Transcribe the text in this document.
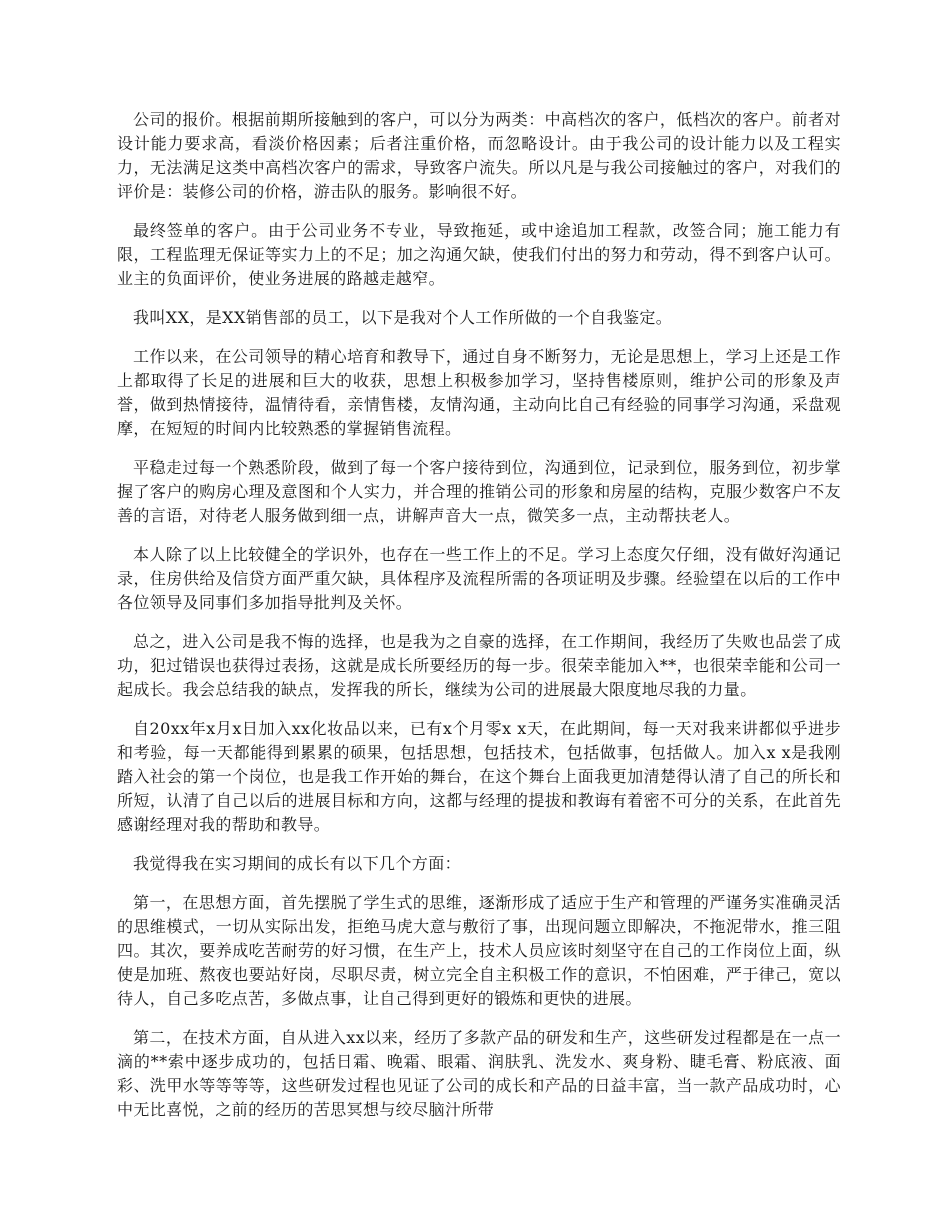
公司的报价。根据前期所接触到的客户，可以分为两类：中高档次的客户，低档次的客户。前者对设计能力要求高，看淡价格因素；后者注重价格，而忽略设计。由于我公司的设计能力以及工程实力，无法满足这类中高档次客户的需求，导致客户流失。所以凡是与我公司接触过的客户，对我们的评价是：装修公司的价格，游击队的服务。影响很不好。

最终签单的客户。由于公司业务不专业，导致拖延，或中途追加工程款，改签合同；施工能力有限，工程监理无保证等实力上的不足；加之沟通欠缺，使我们付出的努力和劳动，得不到客户认可。业主的负面评价，使业务进展的路越走越窄。

我叫XX，是XX销售部的员工，以下是我对个人工作所做的一个自我鉴定。

工作以来，在公司领导的精心培育和教导下，通过自身不断努力，无论是思想上，学习上还是工作上都取得了长足的进展和巨大的收获，思想上积极参加学习，坚持售楼原则，维护公司的形象及声誉，做到热情接待，温情待看，亲情售楼，友情沟通，主动向比自己有经验的同事学习沟通，采盘观摩，在短短的时间内比较熟悉的掌握销售流程。

平稳走过每一个熟悉阶段，做到了每一个客户接待到位，沟通到位，记录到位，服务到位，初步掌握了客户的购房心理及意图和个人实力，并合理的推销公司的形象和房屋的结构，克服少数客户不友善的言语，对待老人服务做到细一点，讲解声音大一点，微笑多一点，主动帮扶老人。

本人除了以上比较健全的学识外，也存在一些工作上的不足。学习上态度欠仔细，没有做好沟通记录，住房供给及信贷方面严重欠缺，具体程序及流程所需的各项证明及步骤。经验望在以后的工作中各位领导及同事们多加指导批判及关怀。

总之，进入公司是我不悔的选择，也是我为之自豪的选择，在工作期间，我经历了失败也品尝了成功，犯过错误也获得过表扬，这就是成长所要经历的每一步。很荣幸能加入**，也很荣幸能和公司一起成长。我会总结我的缺点，发挥我的所长，继续为公司的进展最大限度地尽我的力量。

自20xx年x月x日加入xx化妆品以来，已有x个月零x x天，在此期间，每一天对我来讲都似乎进步和考验，每一天都能得到累累的硕果，包括思想，包括技术，包括做事，包括做人。加入x x是我刚踏入社会的第一个岗位，也是我工作开始的舞台，在这个舞台上面我更加清楚得认清了自己的所长和所短，认清了自己以后的进展目标和方向，这都与经理的提拔和教诲有着密不可分的关系，在此首先感谢经理对我的帮助和教导。

我觉得我在实习期间的成长有以下几个方面：

第一，在思想方面，首先摆脱了学生式的思维，逐渐形成了适应于生产和管理的严谨务实准确灵活的思维模式，一切从实际出发，拒绝马虎大意与敷衍了事，出现问题立即解决，不拖泥带水，推三阻四。其次，要养成吃苦耐劳的好习惯，在生产上，技术人员应该时刻坚守在自己的工作岗位上面，纵使是加班、熬夜也要站好岗，尽职尽责，树立完全自主积极工作的意识，不怕困难，严于律己，宽以待人，自己多吃点苦，多做点事，让自己得到更好的锻炼和更快的进展。

第二，在技术方面，自从进入xx以来，经历了多款产品的研发和生产，这些研发过程都是在一点一滴的**索中逐步成功的，包括日霜、晚霜、眼霜、润肤乳、洗发水、爽身粉、睫毛膏、粉底液、面彩、洗甲水等等等等，这些研发过程也见证了公司的成长和产品的日益丰富，当一款产品成功时，心中无比喜悦，之前的经历的苦思冥想与绞尽脑汁所带
